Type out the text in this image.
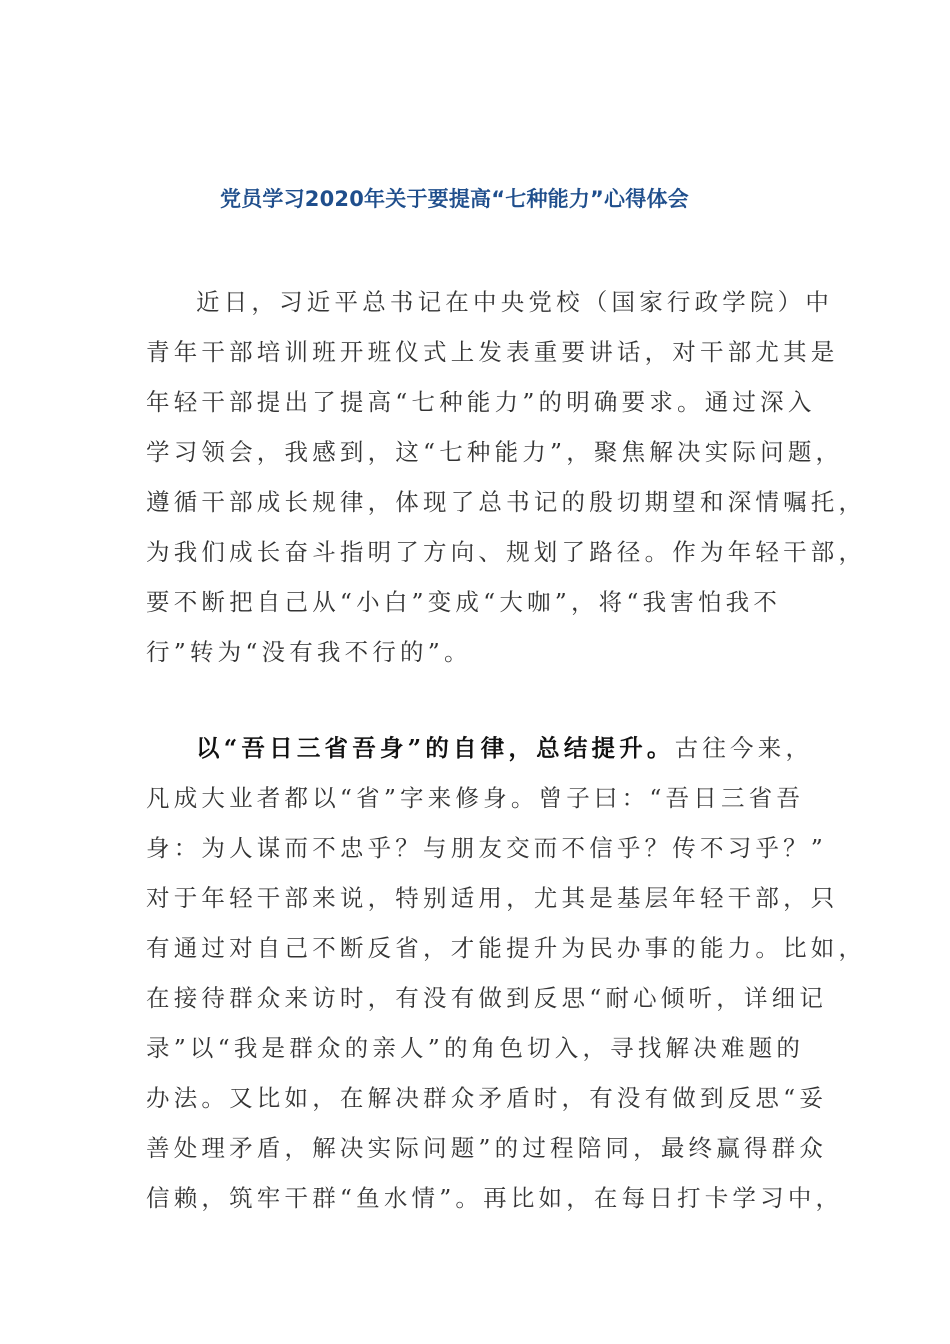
党员学习2020年关于要提高“七种能力”心得体会
近日，习近平总书记在中央党校（国家行政学院）中
青年干部培训班开班仪式上发表重要讲话，对干部尤其是
年轻干部提出了提高“七种能力”的明确要求。通过深入
学习领会，我感到，这“七种能力”，聚焦解决实际问题，
遵循干部成长规律，体现了总书记的殷切期望和深情嘱托，
为我们成长奋斗指明了方向、规划了路径。作为年轻干部，
要不断把自己从“小白”变成“大咖”，将“我害怕我不
行”转为“没有我不行的”。
以“吾日三省吾身”的自律，总结提升。古往今来，
凡成大业者都以“省”字来修身。曾子曰：“吾日三省吾
身：为人谋而不忠乎？与朋友交而不信乎？传不习乎？”
对于年轻干部来说，特别适用，尤其是基层年轻干部，只
有通过对自己不断反省，才能提升为民办事的能力。比如，
在接待群众来访时，有没有做到反思“耐心倾听，详细记
录”以“我是群众的亲人”的角色切入，寻找解决难题的
办法。又比如，在解决群众矛盾时，有没有做到反思“妥
善处理矛盾，解决实际问题”的过程陪同，最终赢得群众
信赖，筑牢干群“鱼水情”。再比如，在每日打卡学习中，
